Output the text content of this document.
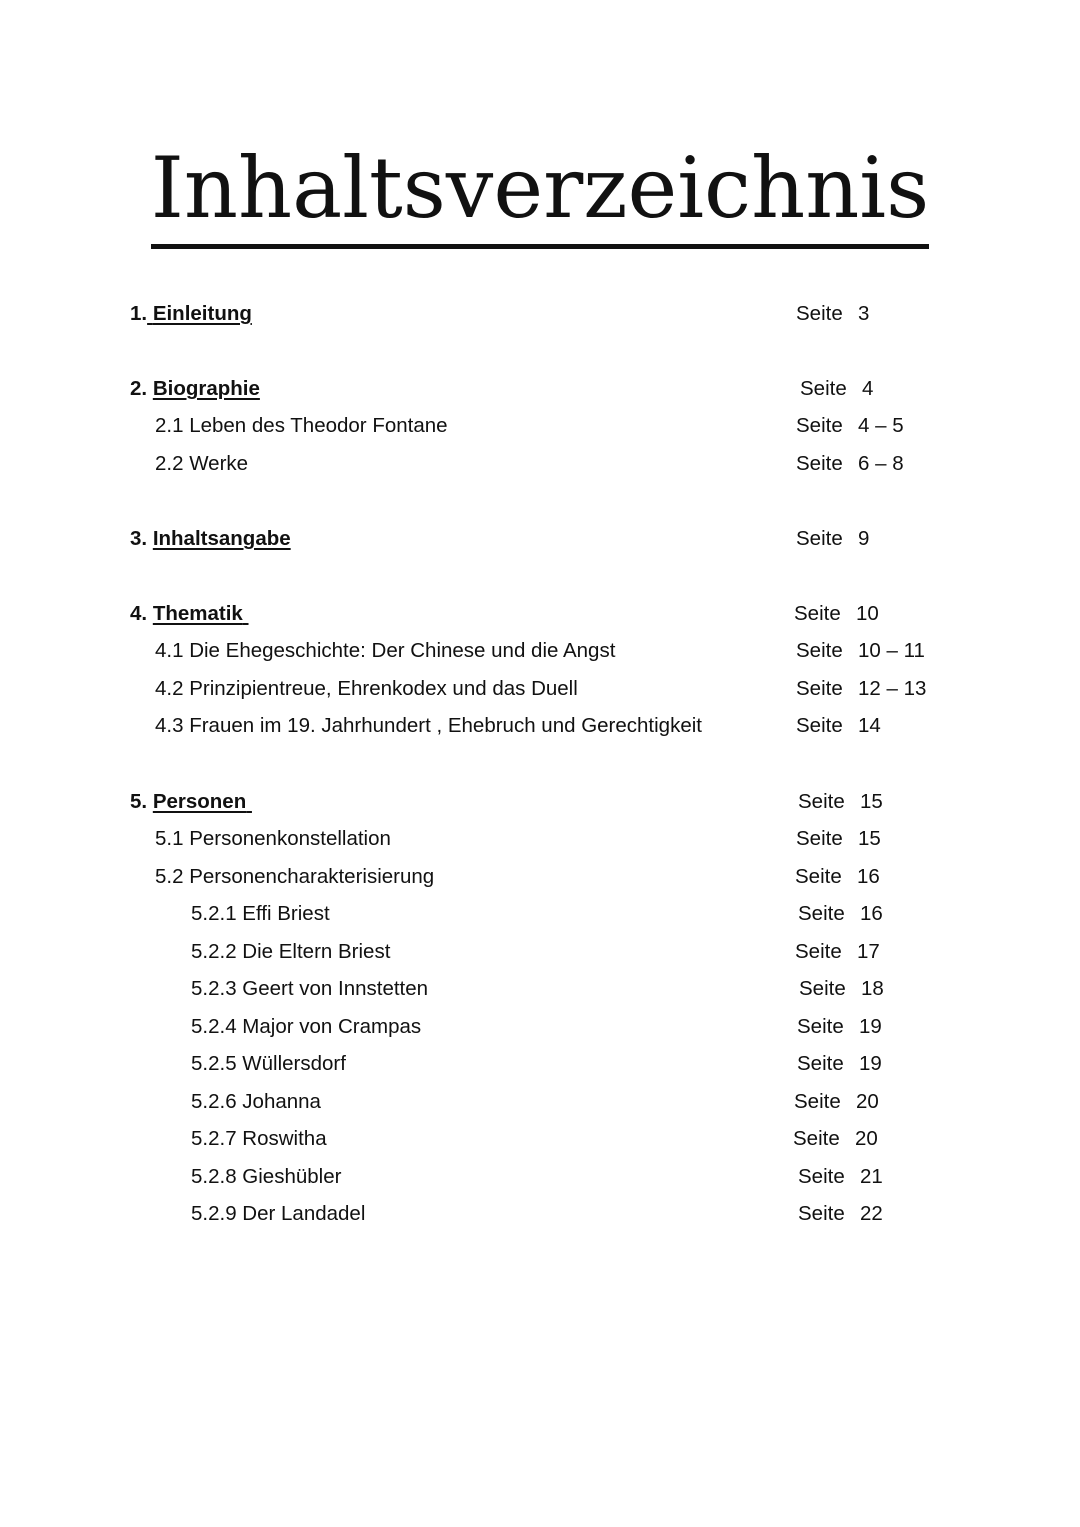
Inhaltsverzeichnis
1. Einleitung	Seite 3
2. Biographie	Seite 4
2.1 Leben des Theodor Fontane	Seite 4 – 5
2.2 Werke	Seite 6 – 8
3. Inhaltsangabe	Seite 9
4. Thematik	Seite 10
4.1 Die Ehegeschichte: Der Chinese und die Angst	Seite 10 – 11
4.2 Prinzipientreue, Ehrenkodex und das Duell	Seite 12 – 13
4.3 Frauen im 19. Jahrhundert , Ehebruch und Gerechtigkeit	Seite 14
5. Personen	Seite 15
5.1 Personenkonstellation	Seite 15
5.2 Personencharakterisierung	Seite 16
5.2.1 Effi Briest	Seite 16
5.2.2 Die Eltern Briest	Seite 17
5.2.3 Geert von Innstetten	Seite 18
5.2.4 Major von Crampas	Seite 19
5.2.5 Wüllersdorf	Seite 19
5.2.6 Johanna	Seite 20
5.2.7 Roswitha	Seite 20
5.2.8 Gieshübler	Seite 21
5.2.9 Der Landadel	Seite 22
